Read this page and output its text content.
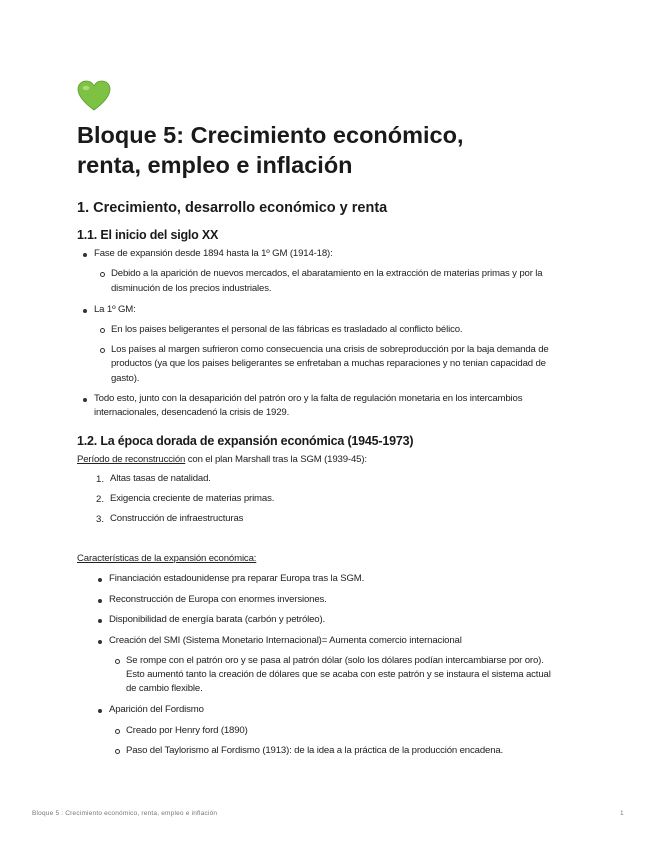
Bloque 5: Crecimiento económico,
renta, empleo e inflación
1. Crecimiento, desarrollo económico y renta
1.1. El inicio del siglo XX
Fase de expansión desde 1894 hasta la 1º GM (1914-18):
Debido a la aparición de nuevos mercados, el abaratamiento en la extracción de materias primas y por la
disminución de los precios industriales.
La 1º GM:
En los paises beligerantes el personal de las fábricas es trasladado al conflicto bélico.
Los países al margen sufrieron como consecuencia una crisis de sobreproducción por la baja demanda de
productos (ya que los paises beligerantes se enfretaban a muchas reparaciones y no tenian capacidad de
gasto).
Todo esto, junto con la desaparición del patrón oro y la falta de regulación monetaria en los intercambios
internacionales, desencadenó la crisis de 1929.
1.2. La época dorada de expansión económica (1945-1973)
Período de reconstrucción con el plan Marshall tras la SGM (1939-45):
1. Altas tasas de natalidad.
2. Exigencia creciente de materias primas.
3. Construcción de infraestructuras
Características de la expansión económica:
Financiación estadounidense pra reparar Europa tras la SGM.
Reconstrucción de Europa con enormes inversiones.
Disponibilidad de energía barata (carbón y petróleo).
Creación del SMI (Sistema Monetario Internacional)= Aumenta comercio internacional
Se rompe con el patrón oro y se pasa al patrón dólar (solo los dólares podían intercambiarse por oro).
Esto aumentó tanto la creación de dólares que se acaba con este patrón y se instaura el sistema actual
de cambio flexible.
Aparición del Fordismo
Creado por Henry ford (1890)
Paso del Taylorismo al Fordismo (1913): de la idea a la práctica de la producción encadena.
Bloque 5 : Crecimiento económico, renta, empleo e inflación	1
